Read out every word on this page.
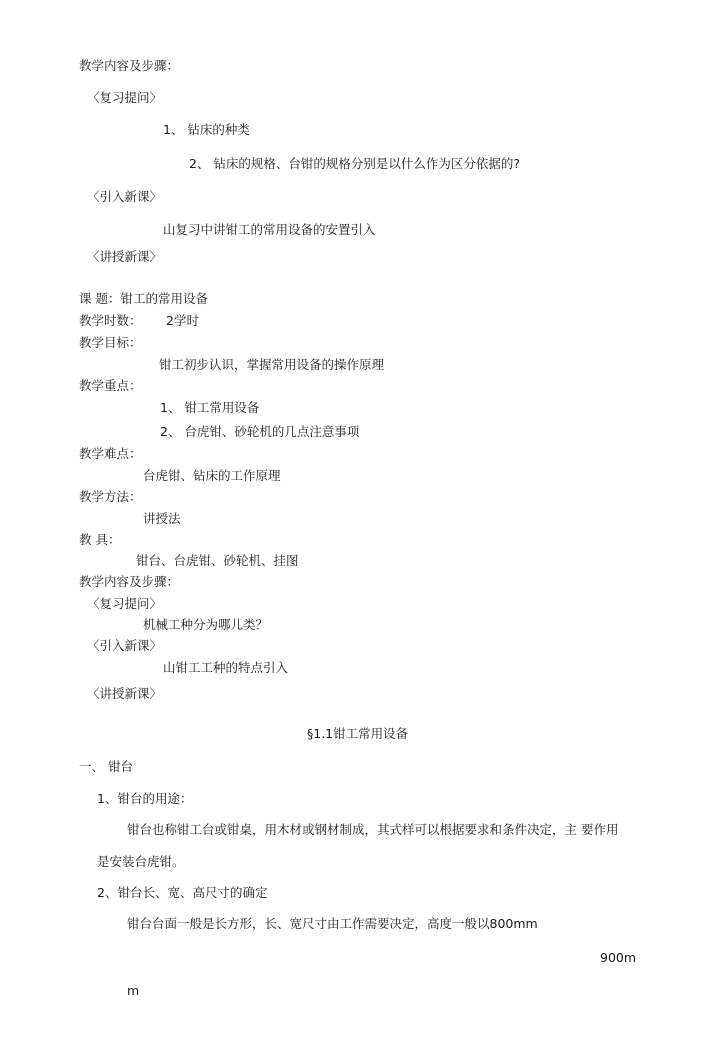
教学内容及步骤：
〈复习提问〉
1、 钻床的种类
2、 钻床的规格、台钳的规格分别是以什么作为区分依据的?
〈引入新课〉
山复习中讲钳工的常用设备的安置引入
〈讲授新课〉
课 题：钳工的常用设备
教学时数： 2学时
教学目标：
钳工初步认识，掌握常用设备的操作原理
教学重点：
1、 钳工常用设备
2、 台虎钳、砂轮机的几点注意事项
教学难点：
台虎钳、钻床的工作原理
教学方法：
讲授法
教 具：
钳台、台虎钳、砂轮机、挂图
教学内容及步骤：
〈复习提问〉
机械工种分为哪儿类？
〈引入新课〉
山钳工工种的特点引入
〈讲授新课〉
§1.1钳工常用设备
一、 钳台
1、钳台的用途：
钳台也称钳工台或钳桌，用木材或钢材制成，其式样可以根据要求和条件决定，主 要作用
是安装台虎钳。
2、钳台长、宽、高尺寸的确定
钳台台面一般是长方形，长、宽尺寸由工作需要决定，高度一般以800mm
900m
m
